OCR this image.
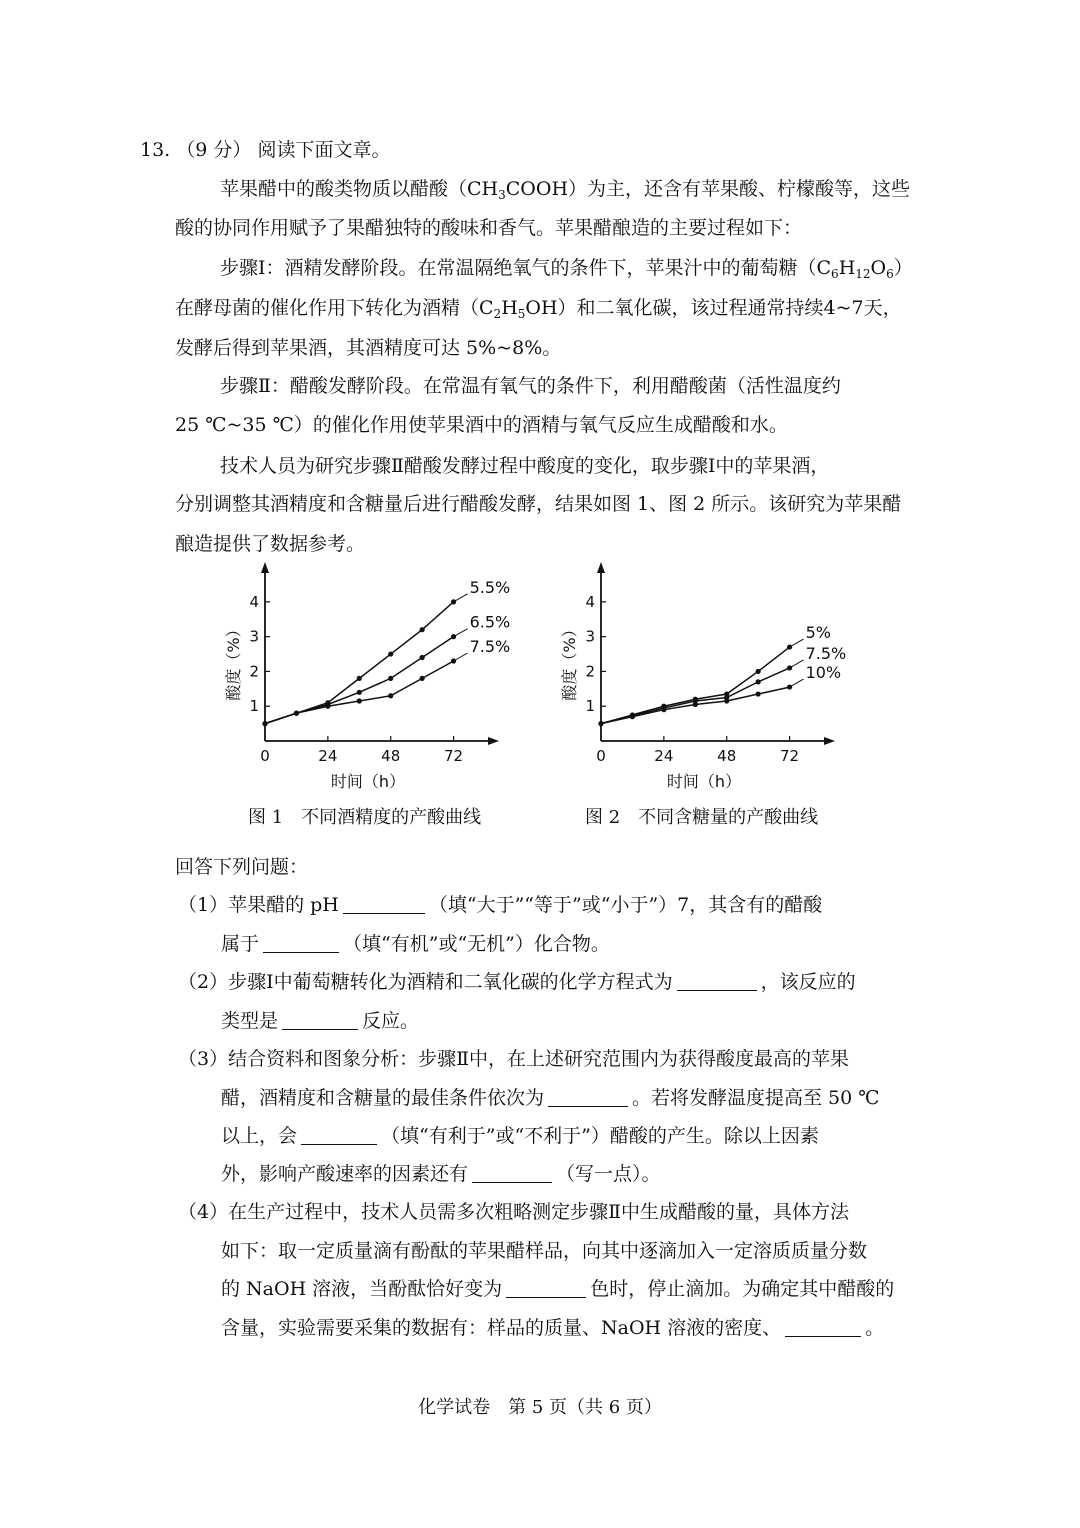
13. （9 分） 阅读下面文章。
苹果醋中的酸类物质以醋酸$(CH_3COOH)$为主，还含有苹果酸、柠檬酸等，这些
酸的协同作用赋予了果醋独特的酸味和香气。苹果醋酿造的主要过程如下：
步骤Ⅰ：酒精发酵阶段。在常温隔绝氧气的条件下，苹果汁中的葡萄糖$(C_6H_{12}O_6)$
在酵母菌的催化作用下转化为酒精$(C_2H_5OH)$和二氧化碳，该过程通常持续4~7天，
发酵后得到苹果酒，其酒精度可达 5%~8%。
步骤Ⅱ：醋酸发酵阶段。在常温有氧气的条件下，利用醋酸菌（活性温度约
25 ℃~35 ℃）的催化作用使苹果酒中的酒精与氧气反应生成醋酸和水。
技术人员为研究步骤Ⅱ醋酸发酵过程中酸度的变化，取步骤Ⅰ中的苹果酒，
分别调整其酒精度和含糖量后进行醋酸发酵，结果如图 1、图 2 所示。该研究为苹果醋
酿造提供了数据参考。
0	24	48	72
1
2
3
4
时间（h）
酸度（%）
5.5%
6.5%
7.5%
0	24	48	72
1
2
3
4
时间（h）
酸度（%）	5%
7.5%
10%
图 1　不同酒精度的产酸曲线	图 2　不同含糖量的产酸曲线
回答下列问题：
（1）苹果醋的 pH	（填“大于”“等于”或“小于”）7，其含有的醋酸
属于	（填“有机”或“无机”）化合物。
（2）步骤Ⅰ中葡萄糖转化为酒精和二氧化碳的化学方程式为	，该反应的
类型是	反应。
（3）结合资料和图象分析：步骤Ⅱ中，在上述研究范围内为获得酸度最高的苹果
醋，酒精度和含糖量的最佳条件依次为	。若将发酵温度提高至 50 ℃
以上，会	（填“有利于”或“不利于”）醋酸的产生。除以上因素
外，影响产酸速率的因素还有	（写一点）。
（4）在生产过程中，技术人员需多次粗略测定步骤Ⅱ中生成醋酸的量，具体方法
如下：取一定质量滴有酚酞的苹果醋样品，向其中逐滴加入一定溶质质量分数
的 NaOH 溶液，当酚酞恰好变为	色时，停止滴加。为确定其中醋酸的
含量，实验需要采集的数据有：样品的质量、NaOH 溶液的密度、	。
化学试卷　第 5 页（共 6 页）
